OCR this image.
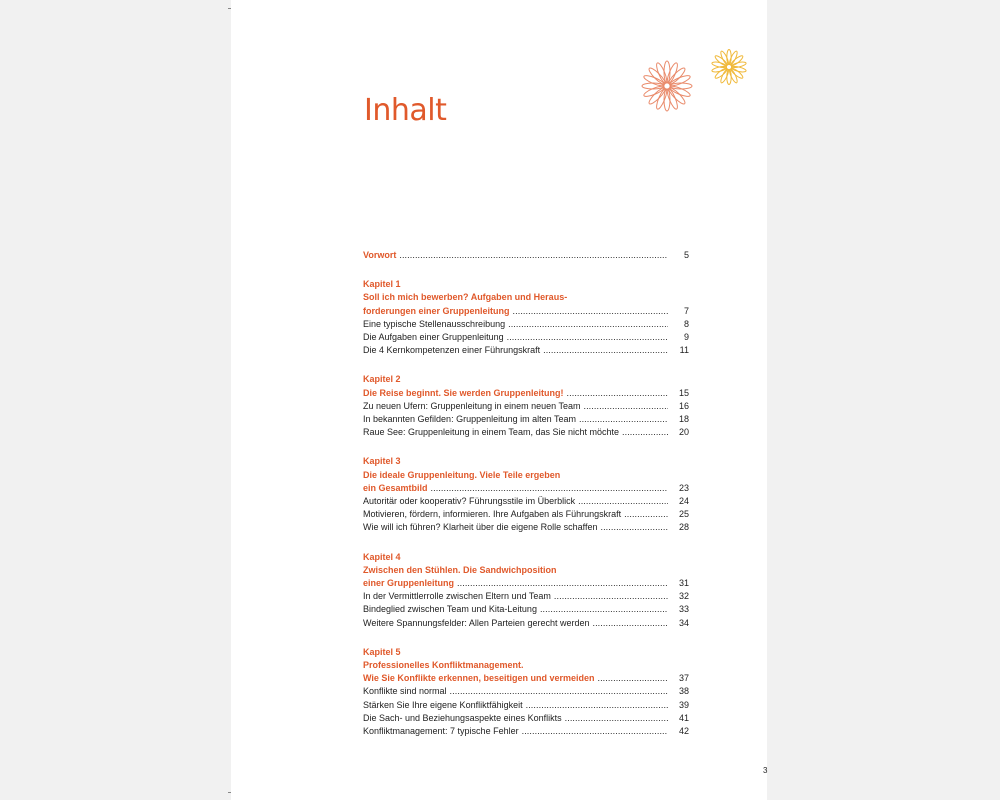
Inhalt
Vorwort . . .	5
Kapitel 1
Soll ich mich bewerben? Aufgaben und Heraus-
forderungen einer Gruppenleitung . . .	7
Eine typische Stellenausschreibung . . .	8
Die Aufgaben einer Gruppenleitung . . .	9
Die 4 Kernkompetenzen einer Führungskraft . . .	11
Kapitel 2
Die Reise beginnt. Sie werden Gruppenleitung! . . .	15
Zu neuen Ufern: Gruppenleitung in einem neuen Team . . .	16
In bekannten Gefilden: Gruppenleitung im alten Team . . .	18
Raue See: Gruppenleitung in einem Team, das Sie nicht möchte . . .	20
Kapitel 3
Die ideale Gruppenleitung. Viele Teile ergeben
ein Gesamtbild . . .	23
Autoritär oder kooperativ? Führungsstile im Überblick . . .	24
Motivieren, fördern, informieren. Ihre Aufgaben als Führungskraft . . .	25
Wie will ich führen? Klarheit über die eigene Rolle schaffen . . .	28
Kapitel 4
Zwischen den Stühlen. Die Sandwichposition
einer Gruppenleitung . . .	31
In der Vermittlerrolle zwischen Eltern und Team . . .	32
Bindeglied zwischen Team und Kita-Leitung . . .	33
Weitere Spannungsfelder: Allen Parteien gerecht werden . . .	34
Kapitel 5
Professionelles Konfliktmanagement.
Wie Sie Konflikte erkennen, beseitigen und vermeiden . . .	37
Konflikte sind normal . . .	38
Stärken Sie Ihre eigene Konfliktfähigkeit . . .	39
Die Sach- und Beziehungsaspekte eines Konflikts . . .	41
Konfliktmanagement: 7 typische Fehler . . .	42
3
